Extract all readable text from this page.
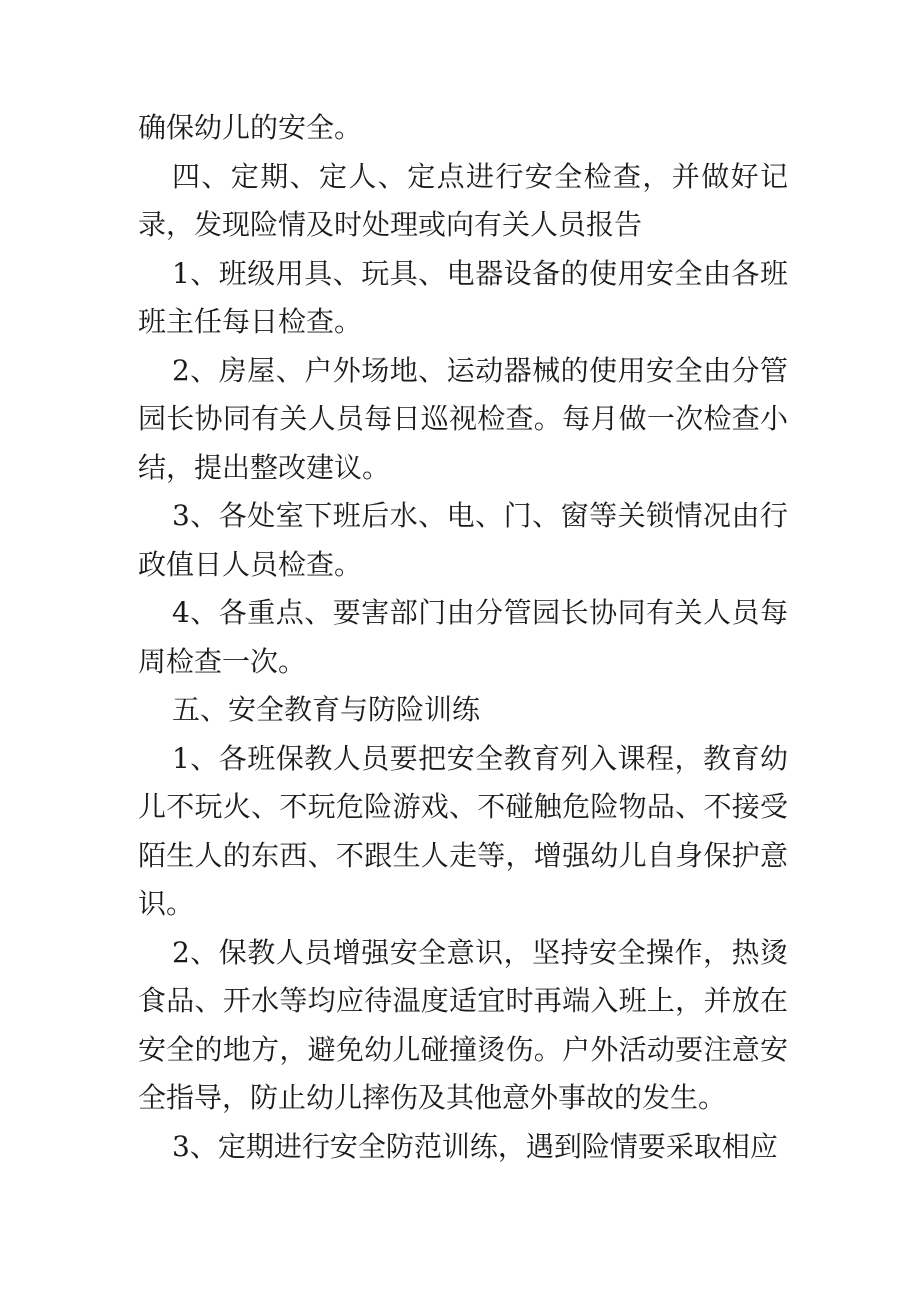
确保幼儿的安全。

四、定期、定人、定点进行安全检查，并做好记录，发现险情及时处理或向有关人员报告

1、班级用具、玩具、电器设备的使用安全由各班班主任每日检查。

2、房屋、户外场地、运动器械的使用安全由分管园长协同有关人员每日巡视检查。每月做一次检查小结，提出整改建议。

3、各处室下班后水、电、门、窗等关锁情况由行政值日人员检查。

4、各重点、要害部门由分管园长协同有关人员每周检查一次。

五、安全教育与防险训练

1、各班保教人员要把安全教育列入课程，教育幼儿不玩火、不玩危险游戏、不碰触危险物品、不接受陌生人的东西、不跟生人走等，增强幼儿自身保护意识。

2、保教人员增强安全意识，坚持安全操作，热烫食品、开水等均应待温度适宜时再端入班上，并放在安全的地方，避免幼儿碰撞烫伤。户外活动要注意安全指导，防止幼儿摔伤及其他意外事故的发生。

3、定期进行安全防范训练，遇到险情要采取相应
